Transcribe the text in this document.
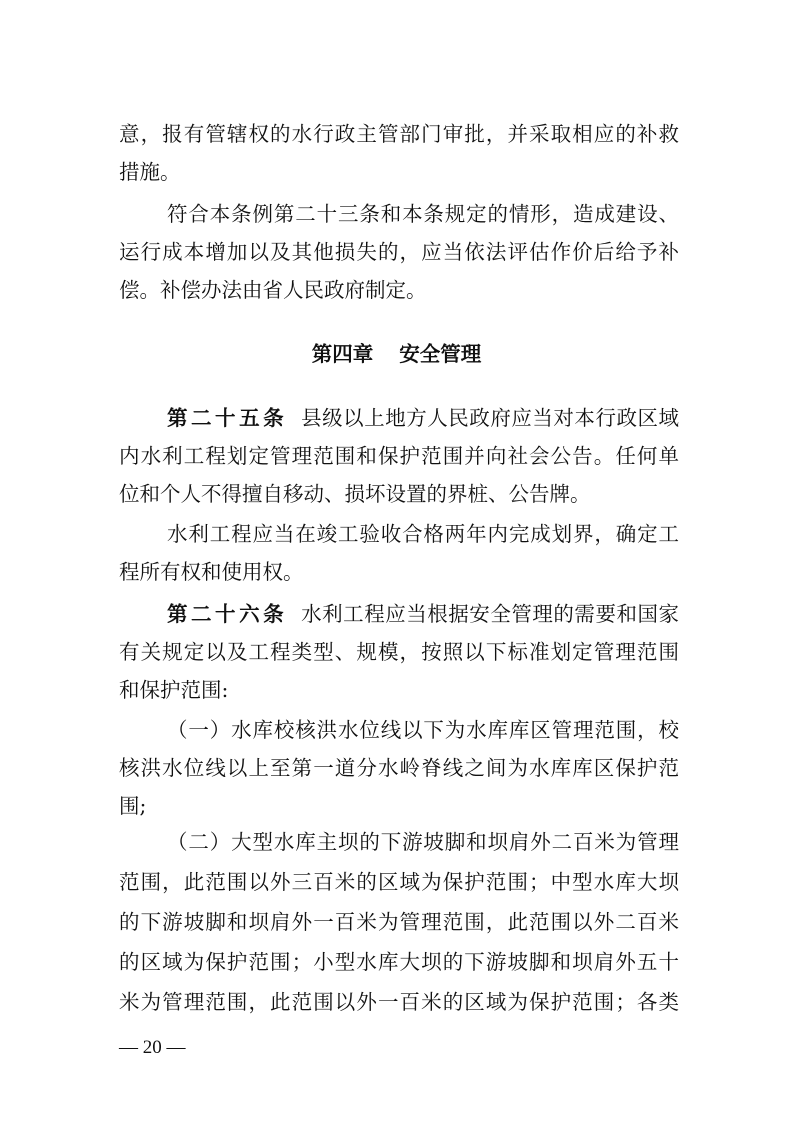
意，报有管辖权的水行政主管部门审批，并采取相应的补救
措施。
符合本条例第二十三条和本条规定的情形，造成建设、
运行成本增加以及其他损失的，应当依法评估作价后给予补
偿。补偿办法由省人民政府制定。
第四章 安全管理
第二十五条 县级以上地方人民政府应当对本行政区域
内水利工程划定管理范围和保护范围并向社会公告。任何单
位和个人不得擅自移动、损坏设置的界桩、公告牌。
水利工程应当在竣工验收合格两年内完成划界，确定工
程所有权和使用权。
第二十六条 水利工程应当根据安全管理的需要和国家
有关规定以及工程类型、规模，按照以下标准划定管理范围
和保护范围:
（一）水库校核洪水位线以下为水库库区管理范围，校
核洪水位线以上至第一道分水岭脊线之间为水库库区保护范
围;
（二）大型水库主坝的下游坡脚和坝肩外二百米为管理
范围，此范围以外三百米的区域为保护范围；中型水库大坝
的下游坡脚和坝肩外一百米为管理范围，此范围以外二百米
的区域为保护范围；小型水库大坝的下游坡脚和坝肩外五十
米为管理范围，此范围以外一百米的区域为保护范围；各类
— 20 —
